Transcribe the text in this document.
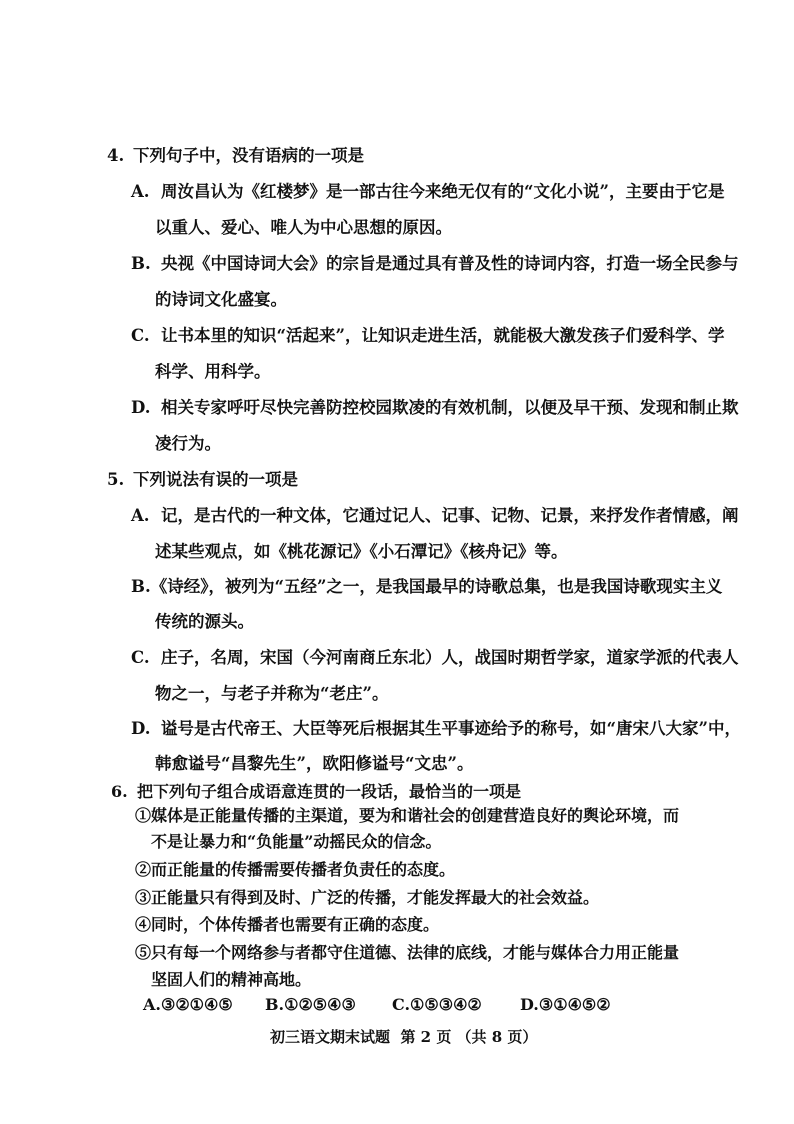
4. 下列句子中，没有语病的一项是
A. 周汝昌认为《红楼梦》是一部古往今来绝无仅有的“文化小说”，主要由于它是
以重人、爱心、唯人为中心思想的原因。
B. 央视《中国诗词大会》的宗旨是通过具有普及性的诗词内容，打造一场全民参与
的诗词文化盛宴。
C. 让书本里的知识“活起来”，让知识走进生活，就能极大激发孩子们爱科学、学
科学、用科学。
D. 相关专家呼吁尽快完善防控校园欺凌的有效机制，以便及早干预、发现和制止欺
凌行为。
5. 下列说法有误的一项是
A. 记，是古代的一种文体，它通过记人、记事、记物、记景，来抒发作者情感，阐
述某些观点，如《桃花源记》《小石潭记》《核舟记》等。
B.《诗经》，被列为“五经”之一，是我国最早的诗歌总集，也是我国诗歌现实主义
传统的源头。
C. 庄子，名周，宋国（今河南商丘东北）人，战国时期哲学家，道家学派的代表人
物之一，与老子并称为“老庄”。
D. 谥号是古代帝王、大臣等死后根据其生平事迹给予的称号，如“唐宋八大家”中，
韩愈谥号“昌黎先生”，欧阳修谥号“文忠”。
6. 把下列句子组合成语意连贯的一段话，最恰当的一项是
①媒体是正能量传播的主渠道，要为和谐社会的创建营造良好的舆论环境，而
不是让暴力和“负能量”动摇民众的信念。
②而正能量的传播需要传播者负责任的态度。
③正能量只有得到及时、广泛的传播，才能发挥最大的社会效益。
④同时，个体传播者也需要有正确的态度。
⑤只有每一个网络参与者都守住道德、法律的底线，才能与媒体合力用正能量
坚固人们的精神高地。
A.③②①④⑤ B.①②⑤④③ C.①⑤③④② D.③①④⑤②
初三语文期末试题  第 2 页 （共 8 页）
